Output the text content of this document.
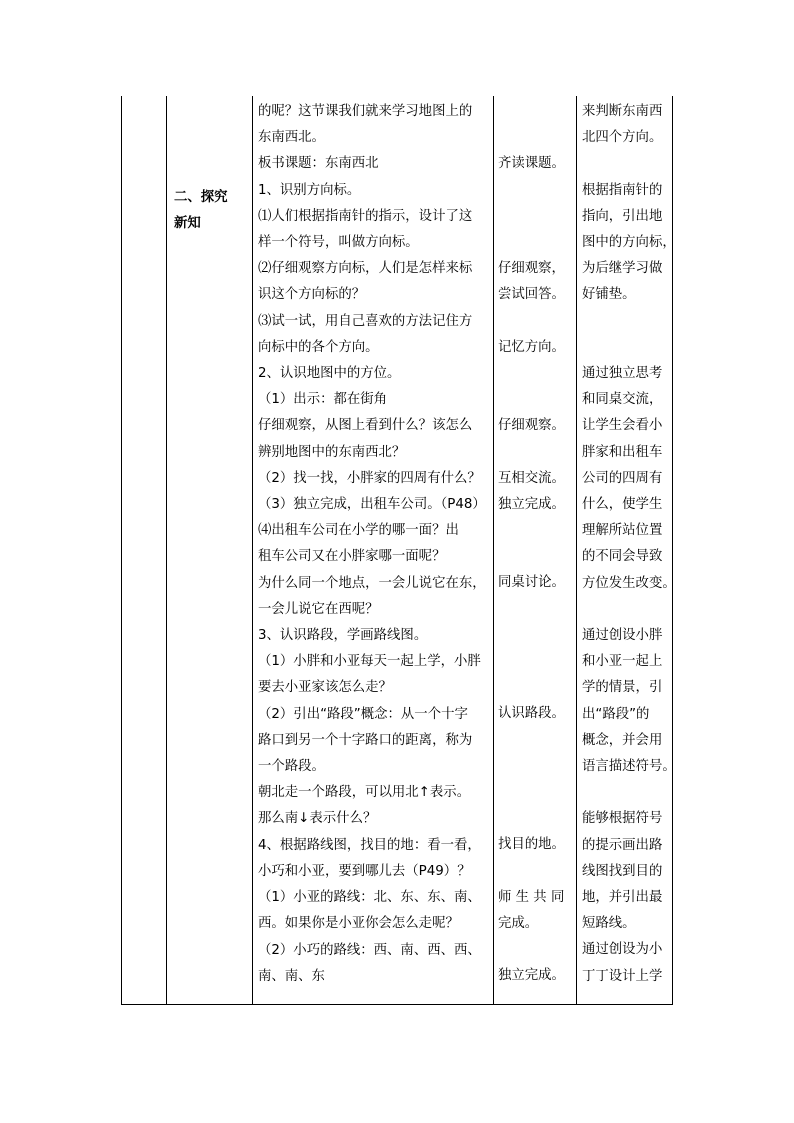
二、探究
新知
的呢？这节课我们就来学习地图上的
东南西北。
板书课题：东南西北
1、识别方向标。
⑴人们根据指南针的指示，设计了这
样一个符号，叫做方向标。
⑵仔细观察方向标，人们是怎样来标
识这个方向标的？
⑶试一试，用自己喜欢的方法记住方
向标中的各个方向。
2、认识地图中的方位。
（1）出示：都在街角
仔细观察，从图上看到什么？该怎么
辨别地图中的东南西北？
（2）找一找，小胖家的四周有什么？
（3）独立完成，出租车公司。（P48）
⑷出租车公司在小学的哪一面？出
租车公司又在小胖家哪一面呢？
为什么同一个地点，一会儿说它在东，
一会儿说它在西呢？
3、认识路段，学画路线图。
（1）小胖和小亚每天一起上学，小胖
要去小亚家该怎么走？
（2）引出“路段”概念：从一个十字
路口到另一个十字路口的距离，称为
一个路段。
朝北走一个路段，可以用北↑表示。
那么南↓表示什么？
4、根据路线图，找目的地：看一看，
小巧和小亚，要到哪儿去（P49）？
（1）小亚的路线：北、东、东、南、
西。如果你是小亚你会怎么走呢？
（2）小巧的路线：西、南、西、西、
南、南、东
齐读课题。
仔细观察，
尝试回答。
记忆方向。
仔细观察。
互相交流。
独立完成。
同桌讨论。
认识路段。
找目的地。
师 生 共 同
完成。
独立完成。
来判断东南西
北四个方向。
根据指南针的
指向，引出地
图中的方向标，
为后继学习做
好铺垫。
通过独立思考
和同桌交流，
让学生会看小
胖家和出租车
公司的四周有
什么，使学生
理解所站位置
的不同会导致
方位发生改变。
通过创设小胖
和小亚一起上
学的情景，引
出“路段”的
概念，并会用
语言描述符号。
能够根据符号
的提示画出路
线图找到目的
地，并引出最
短路线。
通过创设为小
丁丁设计上学
